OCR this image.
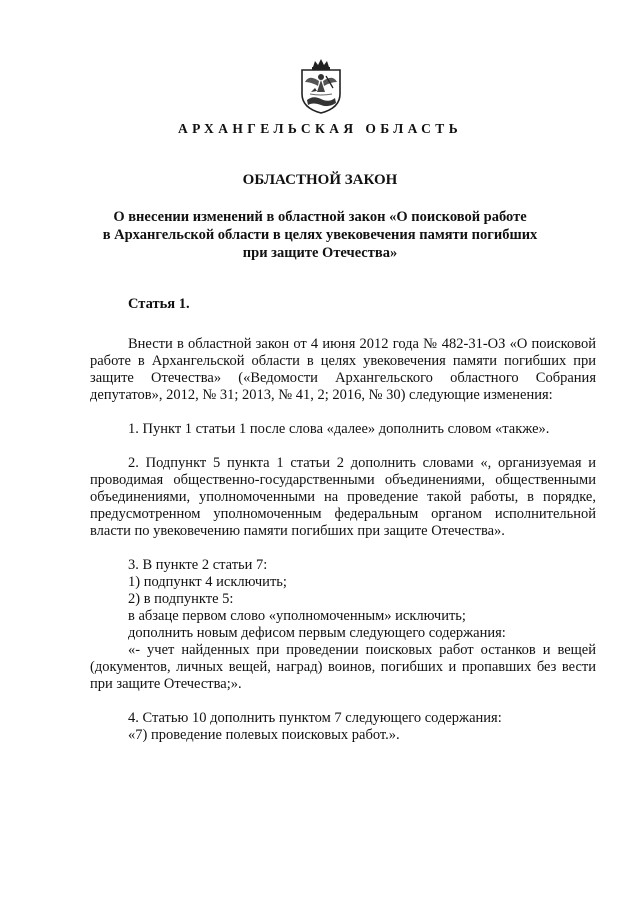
АРХАНГЕЛЬСКАЯ ОБЛАСТЬ
ОБЛАСТНОЙ ЗАКОН
О внесении изменений в областной закон «О поисковой работе
в Архангельской области в целях увековечения памяти погибших
при защите Отечества»

Статья 1.

Внести в областной закон от 4 июня 2012 года № 482-31-ОЗ «О поисковой работе в Архангельской области в целях увековечения памяти погибших при защите Отечества» («Ведомости Архангельского областного Собрания депутатов», 2012, № 31; 2013, № 41, 2; 2016, № 30) следующие изменения:

1. Пункт 1 статьи 1 после слова «далее» дополнить словом «также».

2. Подпункт 5 пункта 1 статьи 2 дополнить словами «, организуемая и проводимая общественно-государственными объединениями, общественными объединениями, уполномоченными на проведение такой работы, в порядке, предусмотренном уполномоченным федеральным органом исполнительной власти по увековечению памяти погибших при защите Отечества».

3. В пункте 2 статьи 7:
1) подпункт 4 исключить;
2) в подпункте 5:
в абзаце первом слово «уполномоченным» исключить;
дополнить новым дефисом первым следующего содержания:

«- учет найденных при проведении поисковых работ останков и вещей (документов, личных вещей, наград) воинов, погибших и пропавших без вести при защите Отечества;».

4. Статью 10 дополнить пунктом 7 следующего содержания:
«7) проведение полевых поисковых работ.».
